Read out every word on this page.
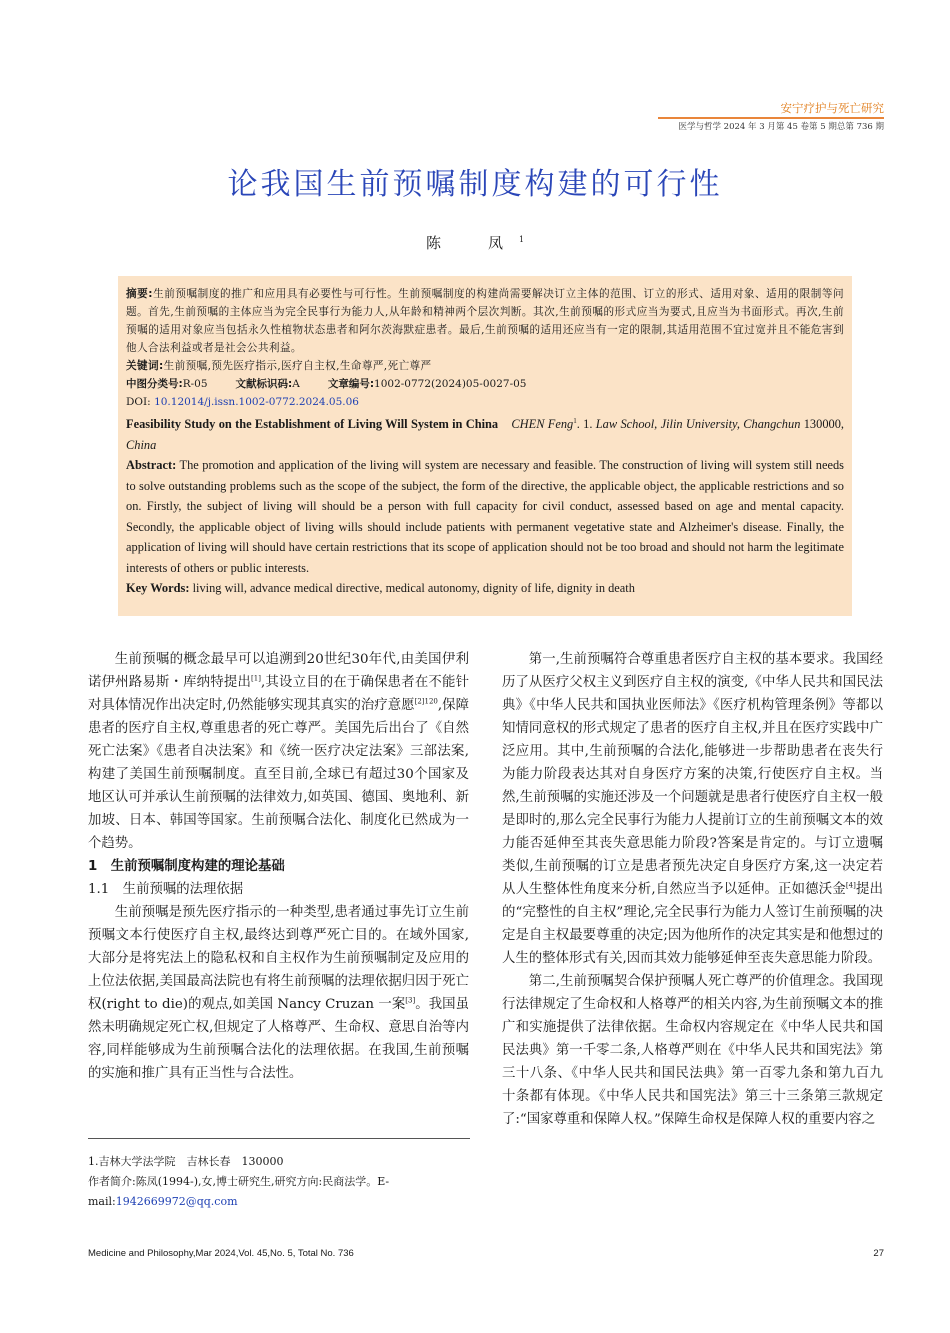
安宁疗护与死亡研究
医学与哲学 2024 年 3 月第 45 卷第 5 期总第 736 期
论我国生前预嘱制度构建的可行性
陈　凤$^1$
摘要:生前预嘱制度的推广和应用具有必要性与可行性。生前预嘱制度的构建尚需要解决订立主体的范围、订立的形式、适用对象、适用的限制等问题。首先,生前预嘱的主体应当为完全民事行为能力人,从年龄和精神两个层次判断。其次,生前预嘱的形式应当为要式,且应当为书面形式。再次,生前预嘱的适用对象应当包括永久性植物状态患者和阿尔茨海默症患者。最后,生前预嘱的适用还应当有一定的限制,其适用范围不宜过宽并且不能危害到他人合法利益或者是社会公共利益。
关键词:生前预嘱,预先医疗指示,医疗自主权,生命尊严,死亡尊严
中图分类号:R-05	文献标识码:A	文章编号:1002-0772(2024)05-0027-05
DOI: 10.12014/j.issn.1002-0772.2024.05.06
Feasibility Study on the Establishment of Living Will System in China CHEN Feng$^1$. 1. Law School, Jilin University, Changchun 130000, China
Abstract: The promotion and application of the living will system are necessary and feasible. The construction of living will system still needs to solve outstanding problems such as the scope of the subject, the form of the directive, the applicable object, the applicable restrictions and so on. Firstly, the subject of living will should be a person with full capacity for civil conduct, assessed based on age and mental capacity. Secondly, the applicable object of living wills should include patients with permanent vegetative state and Alzheimer's disease. Finally, the application of living will should have certain restrictions that its scope of application should not be too broad and should not harm the legitimate interests of others or public interests.
Key Words: living will, advance medical directive, medical autonomy, dignity of life, dignity in death

生前预嘱的概念最早可以追溯到20世纪30年代,由美国伊利诺伊州路易斯・库纳特提出[1],其设立目的在于确保患者在不能针对具体情况作出决定时,仍然能够实现其真实的治疗意愿$^{[2]120}$,保障患者的医疗自主权,尊重患者的死亡尊严。美国先后出台了《自然死亡法案》《患者自决法案》和《统一医疗决定法案》三部法案,构建了美国生前预嘱制度。直至目前,全球已有超过30个国家及地区认可并承认生前预嘱的法律效力,如英国、德国、奥地利、新加坡、日本、韩国等国家。生前预嘱合法化、制度化已然成为一个趋势。

1　生前预嘱制度构建的理论基础
1.1　生前预嘱的法理依据

生前预嘱是预先医疗指示的一种类型,患者通过事先订立生前预嘱文本行使医疗自主权,最终达到尊严死亡目的。在域外国家,大部分是将宪法上的隐私权和自主权作为生前预嘱制定及应用的上位法依据,美国最高法院也有将生前预嘱的法理依据归因于死亡权(right to die)的观点,如美国 Nancy Cruzan 一案[3]。我国虽然未明确规定死亡权,但规定了人格尊严、生命权、意思自治等内容,同样能够成为生前预嘱合法化的法理依据。在我国,生前预嘱的实施和推广具有正当性与合法性。

第一,生前预嘱符合尊重患者医疗自主权的基本要求。我国经历了从医疗父权主义到医疗自主权的演变,《中华人民共和国民法典》《中华人民共和国执业医师法》《医疗机构管理条例》等都以知情同意权的形式规定了患者的医疗自主权,并且在医疗实践中广泛应用。其中,生前预嘱的合法化,能够进一步帮助患者在丧失行为能力阶段表达其对自身医疗方案的决策,行使医疗自主权。当然,生前预嘱的实施还涉及一个问题就是患者行使医疗自主权一般是即时的,那么完全民事行为能力人提前订立的生前预嘱文本的效力能否延伸至其丧失意思能力阶段?答案是肯定的。与订立遗嘱类似,生前预嘱的订立是患者预先决定自身医疗方案,这一决定若从人生整体性角度来分析,自然应当予以延伸。正如德沃金[4]提出的“完整性的自主权”理论,完全民事行为能力人签订生前预嘱的决定是自主权最要尊重的决定;因为他所作的决定其实是和他想过的人生的整体形式有关,因而其效力能够延伸至丧失意思能力阶段。

第二,生前预嘱契合保护预嘱人死亡尊严的价值理念。我国现行法律规定了生命权和人格尊严的相关内容,为生前预嘱文本的推广和实施提供了法律依据。生命权内容规定在《中华人民共和国民法典》第一千零二条,人格尊严则在《中华人民共和国宪法》第三十八条、《中华人民共和国民法典》第一百零九条和第九百九十条都有体现。《中华人民共和国宪法》第三十三条第三款规定了:“国家尊重和保障人权。”保障生命权是保障人权的重要内容之

1.吉林大学法学院　吉林长春　130000

作者简介:陈凤(1994-),女,博士研究生,研究方向:民商法学。E-mail:1942669972@qq.com

Medicine and Philosophy,Mar 2024,Vol. 45,No. 5, Total No. 736	27
